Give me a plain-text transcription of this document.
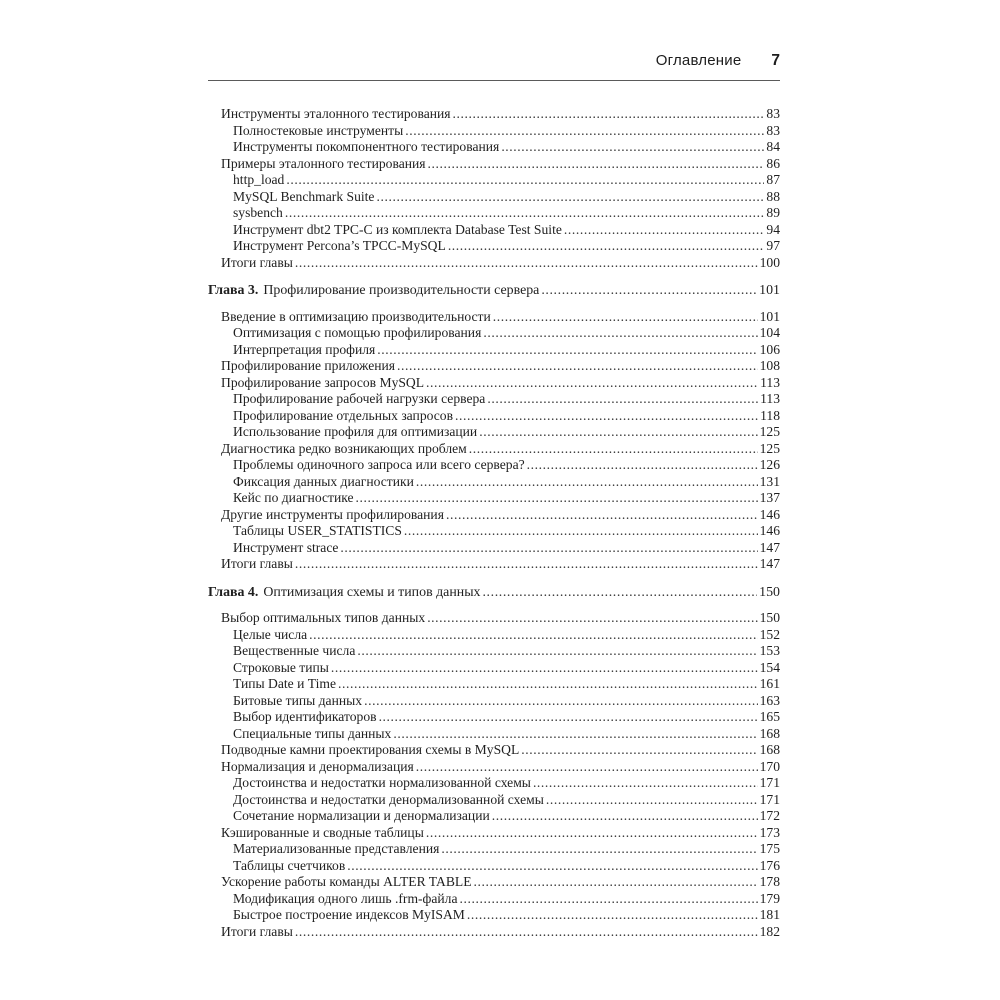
Оглавление 7
Инструменты эталонного тестирования .....	83
Полностековые инструменты .....	83
Инструменты покомпонентного тестирования .....	84
Примеры эталонного тестирования .....	86
http_load .....	87
MySQL Benchmark Suite .....	88
sysbench .....	89
Инструмент dbt2 TPC-C из комплекта Database Test Suite .....	94
Инструмент Percona’s TPCC-MySQL .....	97
Итоги главы .....	100
Глава 3. Профилирование производительности сервера .....	101
Введение в оптимизацию производительности .....	101
Оптимизация с помощью профилирования .....	104
Интерпретация профиля .....	106
Профилирование приложения .....	108
Профилирование запросов MySQL .....	113
Профилирование рабочей нагрузки сервера .....	113
Профилирование отдельных запросов .....	118
Использование профиля для оптимизации .....	125
Диагностика редко возникающих проблем .....	125
Проблемы одиночного запроса или всего сервера? .....	126
Фиксация данных диагностики .....	131
Кейс по диагностике .....	137
Другие инструменты профилирования .....	146
Таблицы USER_STATISTICS .....	146
Инструмент strace .....	147
Итоги главы .....	147
Глава 4. Оптимизация схемы и типов данных .....	150
Выбор оптимальных типов данных .....	150
Целые числа .....	152
Вещественные числа .....	153
Строковые типы .....	154
Типы Date и Time .....	161
Битовые типы данных .....	163
Выбор идентификаторов .....	165
Специальные типы данных .....	168
Подводные камни проектирования схемы в MySQL .....	168
Нормализация и денормализация .....	170
Достоинства и недостатки нормализованной схемы .....	171
Достоинства и недостатки денормализованной схемы .....	171
Сочетание нормализации и денормализации .....	172
Кэшированные и сводные таблицы .....	173
Материализованные представления .....	175
Таблицы счетчиков .....	176
Ускорение работы команды ALTER TABLE .....	178
Модификация одного лишь .frm-файла .....	179
Быстрое построение индексов MyISAM .....	181
Итоги главы .....	182
